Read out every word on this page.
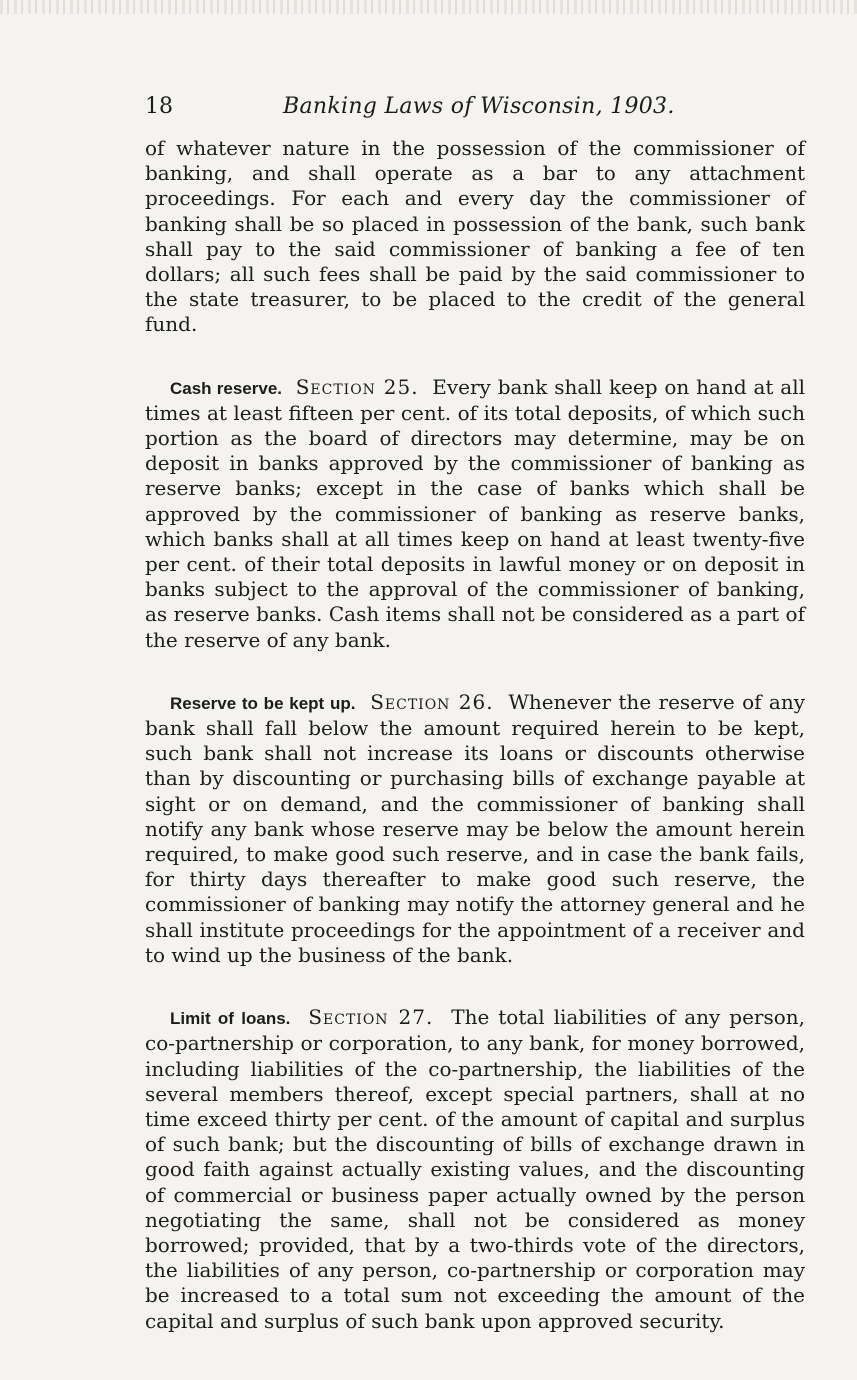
18	Banking Laws of Wisconsin, 1903.

of whatever nature in the possession of the commissioner of banking, and shall operate as a bar to any attachment proceedings. For each and every day the commissioner of banking shall be so placed in possession of the bank, such bank shall pay to the said commissioner of banking a fee of ten dollars; all such fees shall be paid by the said commissioner to the state treasurer, to be placed to the credit of the general fund.

Cash reserve. Section 25. Every bank shall keep on hand at all times at least fifteen per cent. of its total deposits, of which such portion as the board of directors may determine, may be on deposit in banks approved by the commissioner of banking as reserve banks; except in the case of banks which shall be approved by the commissioner of banking as reserve banks, which banks shall at all times keep on hand at least twenty-five per cent. of their total deposits in lawful money or on deposit in banks subject to the approval of the commissioner of banking, as reserve banks. Cash items shall not be considered as a part of the reserve of any bank.

Reserve to be kept up. Section 26. Whenever the reserve of any bank shall fall below the amount required herein to be kept, such bank shall not increase its loans or discounts otherwise than by discounting or purchasing bills of exchange payable at sight or on demand, and the commissioner of banking shall notify any bank whose reserve may be below the amount herein required, to make good such reserve, and in case the bank fails, for thirty days thereafter to make good such reserve, the commissioner of banking may notify the attorney general and he shall institute proceedings for the appointment of a receiver and to wind up the business of the bank.

Limit of loans. Section 27. The total liabilities of any person, co-partnership or corporation, to any bank, for money borrowed, including liabilities of the co-partnership, the liabilities of the several members thereof, except special partners, shall at no time exceed thirty per cent. of the amount of capital and surplus of such bank; but the discounting of bills of exchange drawn in good faith against actually existing values, and the discounting of commercial or business paper actually owned by the person negotiating the same, shall not be considered as money borrowed; provided, that by a two-thirds vote of the directors, the liabilities of any person, co-partnership or corporation may be increased to a total sum not exceeding the amount of the capital and surplus of such bank upon approved security.
